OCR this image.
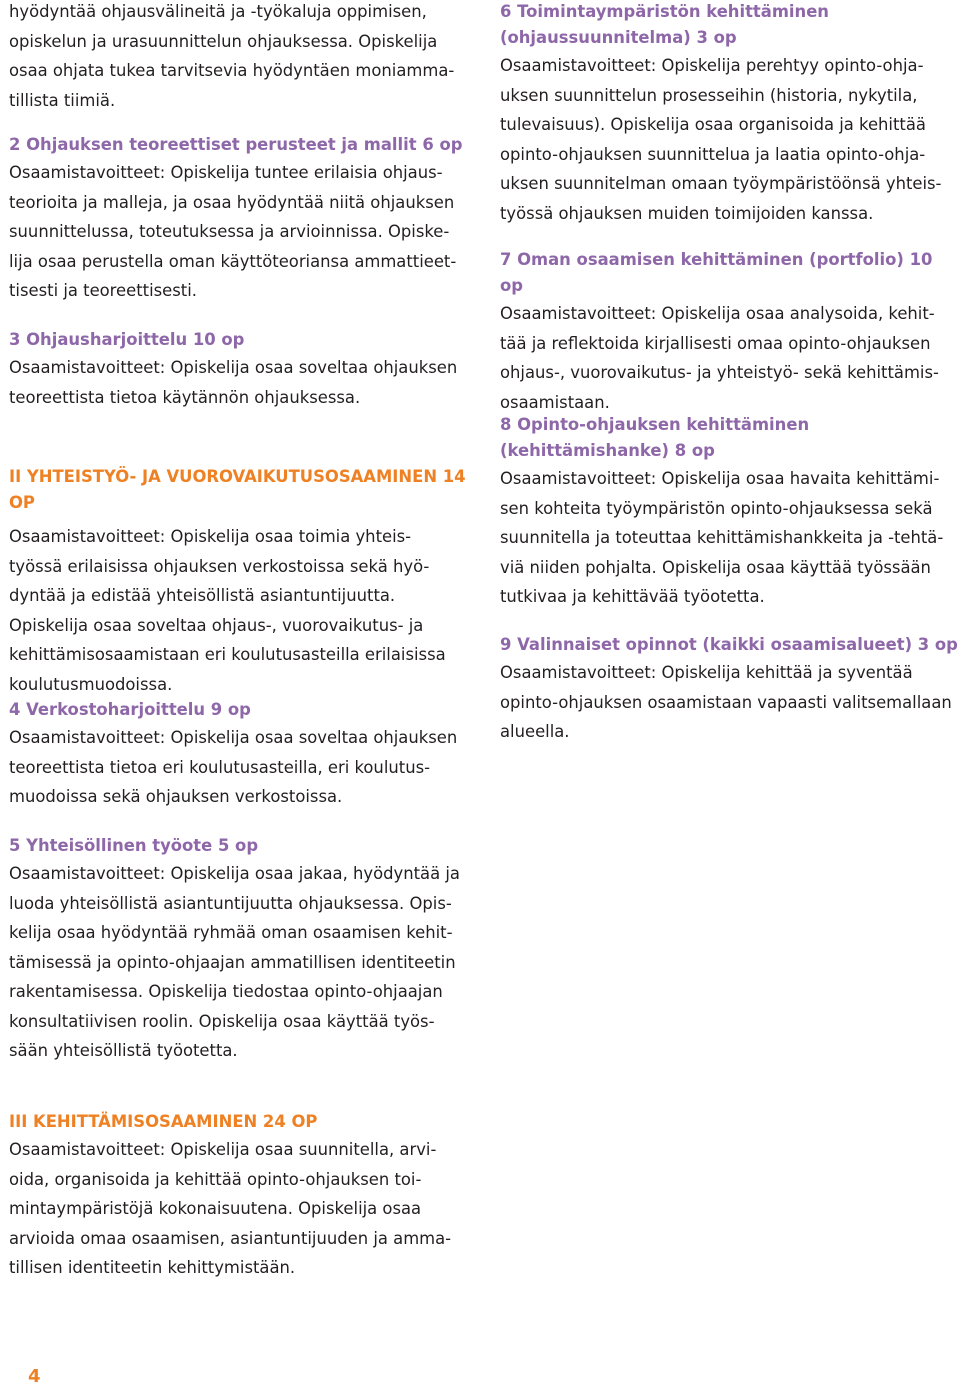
hyödyntää ohjausvälineitä ja -työkaluja oppimisen,
opiskelun ja urasuunnittelun ohjauksessa. Opiskelija
osaa ohjata tukea tarvitsevia hyödyntäen moniamma-
tillista tiimiä.

2 Ohjauksen teoreettiset perusteet ja mallit 6 op

Osaamistavoitteet: Opiskelija tuntee erilaisia ohjaus-
teorioita ja malleja, ja osaa hyödyntää niitä ohjauksen
suunnittelussa, toteutuksessa ja arvioinnissa. Opiske-
lija osaa perustella oman käyttöteoriansa ammattieet-
tisesti ja teoreettisesti.

3 Ohjausharjoittelu 10 op

Osaamistavoitteet: Opiskelija osaa soveltaa ohjauksen
teoreettista tietoa käytännön ohjauksessa.

II YHTEISTYÖ- JA VUOROVAIKUTUSOSAAMINEN 14 OP

Osaamistavoitteet: Opiskelija osaa toimia yhteis-
työssä erilaisissa ohjauksen verkostoissa sekä hyö-
dyntää ja edistää yhteisöllistä asiantuntijuutta.
Opiskelija osaa soveltaa ohjaus-, vuorovaikutus- ja
kehittämisosaamistaan eri koulutusasteilla erilaisissa
koulutusmuodoissa.

4 Verkostoharjoittelu 9 op

Osaamistavoitteet: Opiskelija osaa soveltaa ohjauksen
teoreettista tietoa eri koulutusasteilla, eri koulutus-
muodoissa sekä ohjauksen verkostoissa.

5 Yhteisöllinen työote 5 op

Osaamistavoitteet: Opiskelija osaa jakaa, hyödyntää ja
luoda yhteisöllistä asiantuntijuutta ohjauksessa. Opis-
kelija osaa hyödyntää ryhmää oman osaamisen kehit-
tämisessä ja opinto-ohjaajan ammatillisen identiteetin
rakentamisessa. Opiskelija tiedostaa opinto-ohjaajan
konsultatiivisen roolin. Opiskelija osaa käyttää työs-
sään yhteisöllistä työotetta.

III KEHITTÄMISOSAAMINEN 24 OP

Osaamistavoitteet: Opiskelija osaa suunnitella, arvi-
oida, organisoida ja kehittää opinto-ohjauksen toi-
mintaympäristöjä kokonaisuutena. Opiskelija osaa
arvioida omaa osaamisen, asiantuntijuuden ja amma-
tillisen identiteetin kehittymistään.

6 Toimintaympäristön kehittäminen
(ohjaussuunnitelma) 3 op

Osaamistavoitteet: Opiskelija perehtyy opinto-ohja-
uksen suunnittelun prosesseihin (historia, nykytila,
tulevaisuus). Opiskelija osaa organisoida ja kehittää
opinto-ohjauksen suunnittelua ja laatia opinto-ohja-
uksen suunnitelman omaan työympäristöönsä yhteis-
työssä ohjauksen muiden toimijoiden kanssa.

7 Oman osaamisen kehittäminen (portfolio) 10 op

Osaamistavoitteet: Opiskelija osaa analysoida, kehit-
tää ja reflektoida kirjallisesti omaa opinto-ohjauksen
ohjaus-, vuorovaikutus- ja yhteistyö- sekä kehittämis-
osaamistaan.

8 Opinto-ohjauksen kehittäminen
(kehittämishanke) 8 op

Osaamistavoitteet: Opiskelija osaa havaita kehittämi-
sen kohteita työympäristön opinto-ohjauksessa sekä
suunnitella ja toteuttaa kehittämishankkeita ja -tehtä-
viä niiden pohjalta. Opiskelija osaa käyttää työssään
tutkivaa ja kehittävää työotetta.

9 Valinnaiset opinnot (kaikki osaamisalueet) 3 op

Osaamistavoitteet: Opiskelija kehittää ja syventää
opinto-ohjauksen osaamistaan vapaasti valitsemallaan
alueella.

4
